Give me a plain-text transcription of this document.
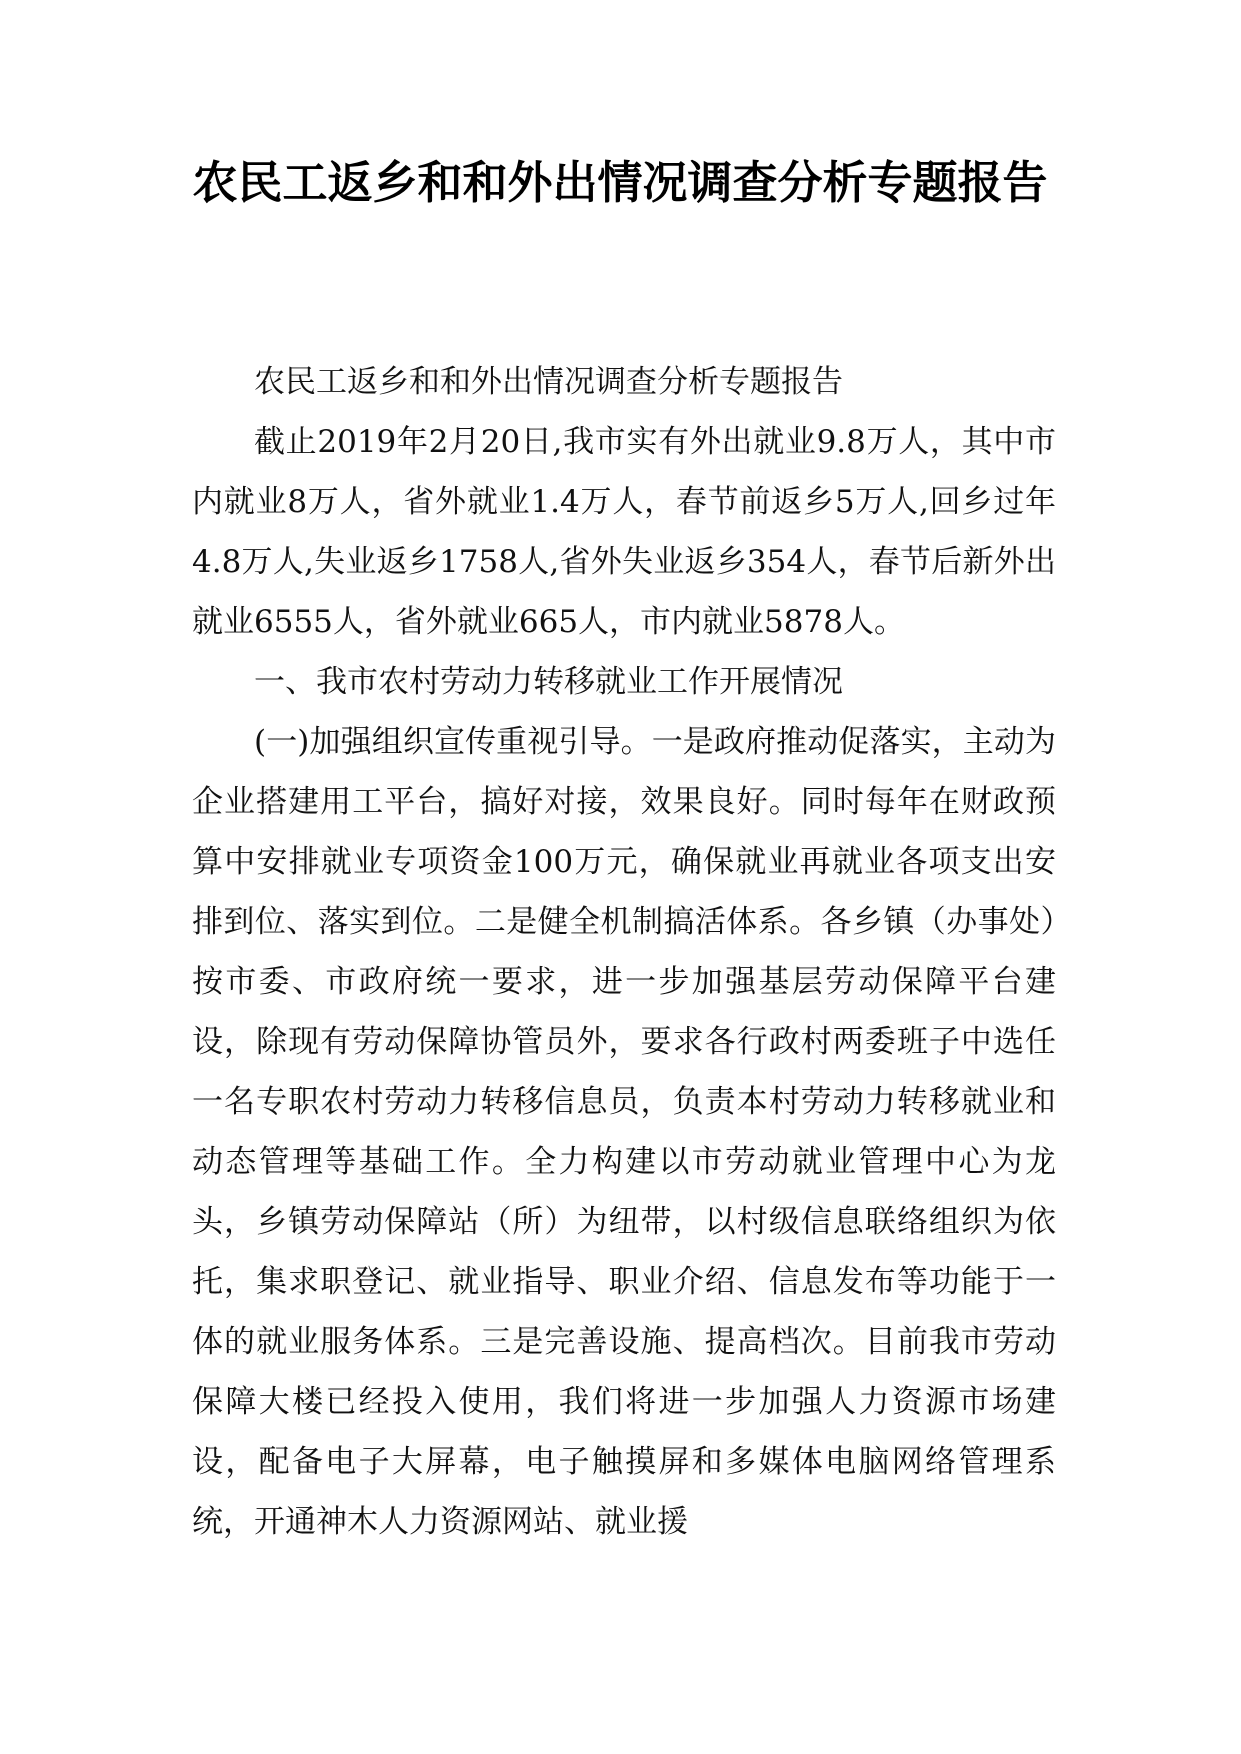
农民工返乡和和外出情况调查分析专题报告

农民工返乡和和外出情况调查分析专题报告

截止2019年2月20日,我市实有外出就业9.8万人，其中市内就业8万人，省外就业1.4万人，春节前返乡5万人,回乡过年4.8万人,失业返乡1758人,省外失业返乡354人，春节后新外出就业6555人，省外就业665人，市内就业5878人。

一、我市农村劳动力转移就业工作开展情况

(一)加强组织宣传重视引导。一是政府推动促落实，主动为企业搭建用工平台，搞好对接，效果良好。同时每年在财政预算中安排就业专项资金100万元，确保就业再就业各项支出安排到位、落实到位。二是健全机制搞活体系。各乡镇（办事处）按市委、市政府统一要求，进一步加强基层劳动保障平台建设，除现有劳动保障协管员外，要求各行政村两委班子中选任一名专职农村劳动力转移信息员，负责本村劳动力转移就业和动态管理等基础工作。全力构建以市劳动就业管理中心为龙头，乡镇劳动保障站（所）为纽带，以村级信息联络组织为依托，集求职登记、就业指导、职业介绍、信息发布等功能于一体的就业服务体系。三是完善设施、提高档次。目前我市劳动保障大楼已经投入使用，我们将进一步加强人力资源市场建设，配备电子大屏幕，电子触摸屏和多媒体电脑网络管理系统，开通神木人力资源网站、就业援
